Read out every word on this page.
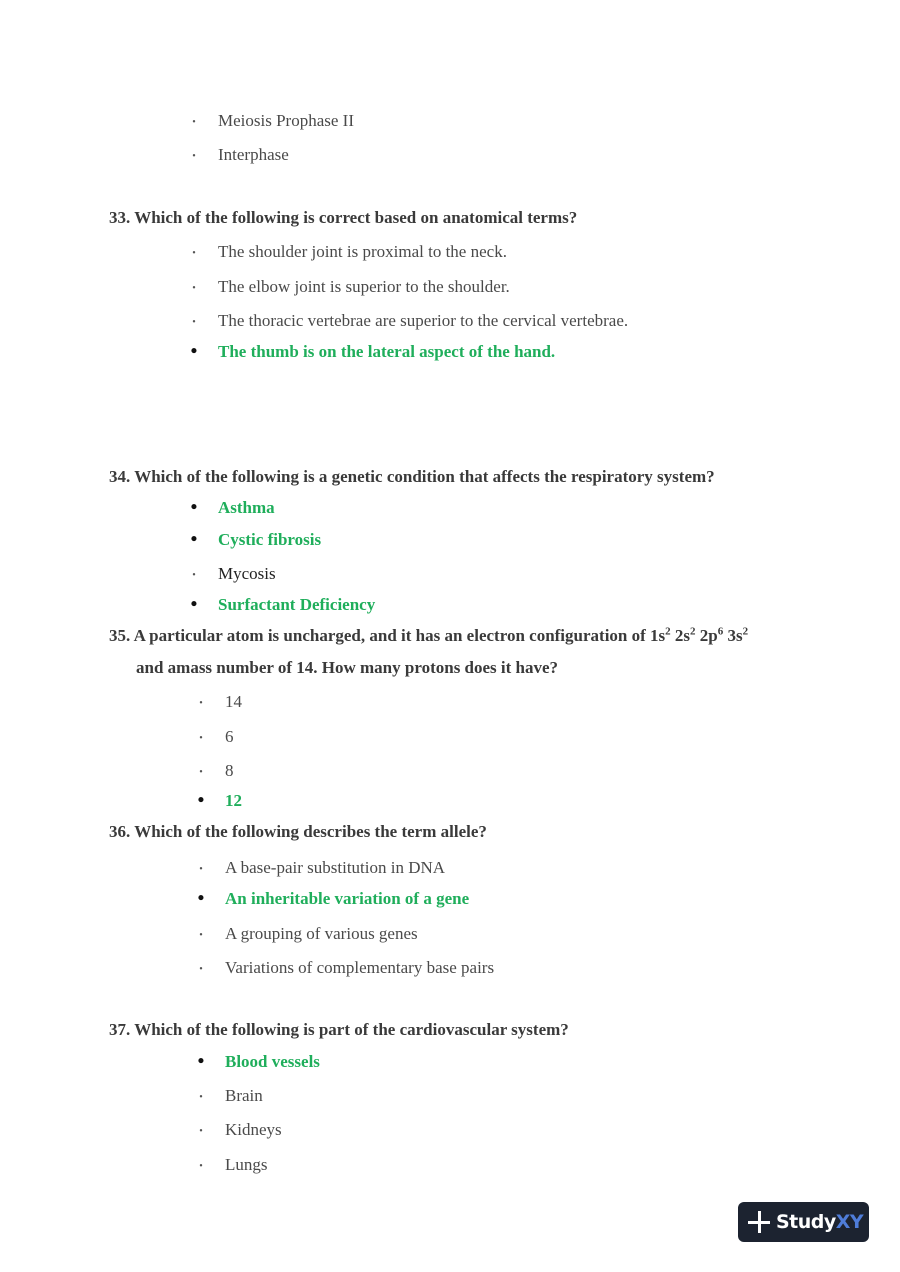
• Meiosis Prophase II
• Interphase
33. Which of the following is correct based on anatomical terms?
• The shoulder joint is proximal to the neck.
• The elbow joint is superior to the shoulder.
• The thoracic vertebrae are superior to the cervical vertebrae.
• The thumb is on the lateral aspect of the hand.
34. Which of the following is a genetic condition that affects the respiratory system?
• Asthma
• Cystic fibrosis
• Mycosis
• Surfactant Deficiency
35. A particular atom is uncharged, and it has an electron configuration of $1s^2$ $2s^2$ $2p^6$ $3s^2$
and amass number of 14. How many protons does it have?
• 14
• 6
• 8
• 12
36. Which of the following describes the term allele?
• A base-pair substitution in DNA
• An inheritable variation of a gene
• A grouping of various genes
• Variations of complementary base pairs
37. Which of the following is part of the cardiovascular system?
• Blood vessels
• Brain
• Kidneys
• Lungs
StudyXY
